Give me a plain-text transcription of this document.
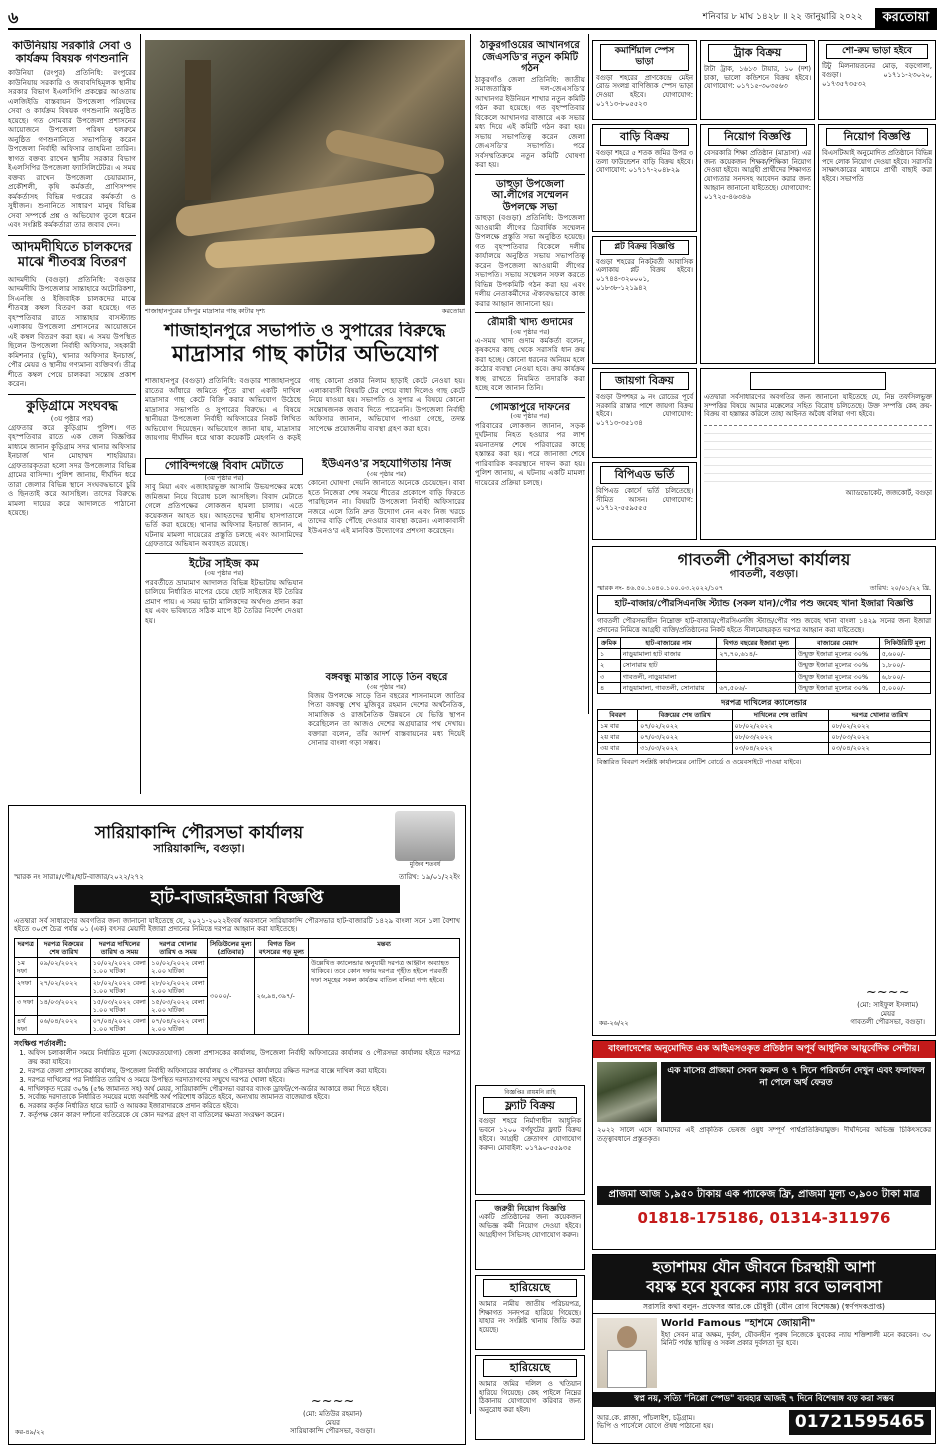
৬	শনিবার ৮ মাঘ ১৪২৮ ॥ ২২ জানুয়ারি ২০২২	করতোয়া
কাউনিয়ায় সরকারি সেবা ও কার্যক্রম বিষয়ক গণশুনানি

কাউনিয়া (রংপুর) প্রতিনিধি: রংপুরের কাউনিয়ায় সরকারি ও জবাবদিহিমূলক স্থানীয় সরকার বিভাগ ইএলসিপি প্রকল্পের আওতায় এলজিইডি বাস্তবায়ন উপজেলা পরিষদের সেবা ও কার্যক্রম বিষয়ক গণশুনানি অনুষ্ঠিত হয়েছে। গত সোমবার উপজেলা প্রশাসনের আয়োজনে উপজেলা পরিষদ হলরুমে অনুষ্ঠিত গণশুনানিতে সভাপতিত্ব করেন উপজেলা নির্বাহী অফিসার তাহমিনা তারিন। স্বাগত বক্তব্য রাখেন স্থানীয় সরকার বিভাগ ইএলসিপির উপজেলা ফ্যাসিলিটেটর। এ সময় বক্তব্য রাখেন উপজেলা চেয়ারম্যান, প্রকৌশলী, কৃষি কর্মকর্তা, প্রাণিসম্পদ কর্মকর্তাসহ বিভিন্ন দপ্তরের কর্মকর্তা ও সুধীজন। শুনানিতে সাধারণ মানুষ বিভিন্ন সেবা সম্পর্কে প্রশ্ন ও অভিযোগ তুলে ধরেন এবং সংশ্লিষ্ট কর্মকর্তারা তার জবাব দেন।

আদমদীঘিতে চালকদের মাঝে শীতবস্ত্র বিতরণ

আদমদীঘি (বগুড়া) প্রতিনিধি: বগুড়ার আদমদীঘি উপজেলার সান্তাহারে অটোরিকশা, সিএনজি ও ইজিবাইক চালকদের মাঝে শীতবস্ত্র কম্বল বিতরণ করা হয়েছে। গত বৃহস্পতিবার রাতে সান্তাহার বাসস্ট্যান্ড এলাকায় উপজেলা প্রশাসনের আয়োজনে এই কম্বল বিতরণ করা হয়। এ সময় উপস্থিত ছিলেন উপজেলা নির্বাহী অফিসার, সহকারী কমিশনার (ভূমি), থানার অফিসার ইনচার্জ, পৌর মেয়র ও স্থানীয় গণ্যমান্য ব্যক্তিবর্গ। তীব্র শীতে কম্বল পেয়ে চালকরা সন্তোষ প্রকাশ করেন।

কুড়িগ্রামে সংঘবদ্ধ
(৩য় পৃষ্ঠার পর)

গ্রেফতার করে কুড়িগ্রাম পুলিশ। গত বৃহস্পতিবার রাতে এক জেল বিজ্ঞপ্তির মাধ্যমে জানান কুড়িগ্রাম সদর থানার অফিসার ইনচার্জ খান মোহাম্মদ শাহরিয়ার। গ্রেফতারকৃতরা হলো সদর উপজেলার বিভিন্ন গ্রামের বাসিন্দা। পুলিশ জানায়, দীর্ঘদিন ধরে তারা জেলার বিভিন্ন স্থানে সংঘবদ্ধভাবে চুরি ও ছিনতাই করে আসছিল। তাদের বিরুদ্ধে মামলা দায়ের করে আদালতে পাঠানো হয়েছে।

শাজাহানপুরের চাঁদপুর মাদ্রাসার গাছ কাটার দৃশ্য	করতোয়া
শাজাহানপুরে সভাপতি ও সুপারের বিরুদ্ধে
মাদ্রাসার গাছ কাটার অভিযোগ

শাজাহানপুর (বগুড়া) প্রতিনিধি: বগুড়ার শাজাহানপুরে রাতের আঁধারে জমিতে পুঁতে রাখা একটি দাখিল মাদ্রাসার গাছ কেটে বিক্রি করার অভিযোগ উঠেছে মাদ্রাসার সভাপতি ও সুপারের বিরুদ্ধে। এ বিষয়ে স্থানীয়রা উপজেলা নির্বাহী অফিসারের নিকট লিখিত অভিযোগ দিয়েছেন। অভিযোগে জানা যায়, মাদ্রাসার জায়গায় দীর্ঘদিন ধরে থাকা কয়েকটি মেহগনি ও কড়ই গাছ কোনো প্রকার নিলাম ছাড়াই কেটে নেওয়া হয়। এলাকাবাসী বিষয়টি টের পেয়ে বাধা দিলেও গাছ কেটে নিয়ে যাওয়া হয়। সভাপতি ও সুপার এ বিষয়ে কোনো সন্তোষজনক জবাব দিতে পারেননি। উপজেলা নির্বাহী অফিসার জানান, অভিযোগ পাওয়া গেছে, তদন্ত সাপেক্ষে প্রয়োজনীয় ব্যবস্থা গ্রহণ করা হবে।

গোবিন্দগঞ্জে বিবাদ মেটাতে
(৩য় পৃষ্ঠার পর)

সাবু মিয়া এবং এজাহারভুক্ত আসামি উভয়পক্ষের মধ্যে জমিজমা নিয়ে বিরোধ চলে আসছিল। বিবাদ মেটাতে গেলে প্রতিপক্ষের লোকজন হামলা চালায়। এতে কয়েকজন আহত হয়। আহতদের স্থানীয় হাসপাতালে ভর্তি করা হয়েছে। থানার অফিসার ইনচার্জ জানান, এ ঘটনায় মামলা দায়েরের প্রস্তুতি চলছে এবং আসামিদের গ্রেফতারে অভিযান অব্যাহত রয়েছে।

ইটের সাইজ কম
(৩য় পৃষ্ঠার পর)

পরবর্তীতে ভ্রাম্যমাণ আদালত বিভিন্ন ইটভাটায় অভিযান চালিয়ে নির্ধারিত মাপের চেয়ে ছোট সাইজের ইট তৈরির প্রমাণ পায়। এ সময় ভাটা মালিকদের অর্থদণ্ড প্রদান করা হয় এবং ভবিষ্যতে সঠিক মাপে ইট তৈরির নির্দেশ দেওয়া হয়।

ইউএনও'র সহযোগিতায় নিজ
(৩য় পৃষ্ঠার পর)

কোনো ঘোষণা দেয়নি জানাতে অনেকে চেয়েছেন। বাবা হতে নিজেরা শেষ সময়ে শীতের প্রকোপে বাড়ি ফিরতে পারছিলেন না। বিষয়টি উপজেলা নির্বাহী অফিসারের নজরে এলে তিনি দ্রুত উদ্যোগ নেন এবং নিজ খরচে তাদের বাড়ি পৌঁছে দেওয়ার ব্যবস্থা করেন। এলাকাবাসী ইউএনও'র এই মানবিক উদ্যোগের প্রশংসা করেছেন।

বঙ্গবন্ধু মাস্তার সাড়ে তিন বছরে
(৩য় পৃষ্ঠার পর)

বিজয় উপলক্ষে সাড়ে তিন বছরের শাসনামলে জাতির পিতা বঙ্গবন্ধু শেখ মুজিবুর রহমান দেশের অর্থনৈতিক, সামাজিক ও রাজনৈতিক উন্নয়নে যে ভিত্তি স্থাপন করেছিলেন তা আজও দেশের অগ্রযাত্রার পথ দেখায়। বক্তারা বলেন, তাঁর আদর্শ বাস্তবায়নের মধ্য দিয়েই সোনার বাংলা গড়া সম্ভব।

ঠাকুরগাঁওয়ের আখানগরে জেএসডি'র নতুন কমিটি গঠন

ঠাকুরগাঁও জেলা প্রতিনিধি: জাতীয় সমাজতান্ত্রিক দল-জেএসডি'র আখানগর ইউনিয়ন শাখার নতুন কমিটি গঠন করা হয়েছে। গত বৃহস্পতিবার বিকেলে আখানগর বাজারে এক সভার মধ্য দিয়ে এই কমিটি গঠন করা হয়। সভায় সভাপতিত্ব করেন জেলা জেএসডি'র সভাপতি। পরে সর্বসম্মতিক্রমে নতুন কমিটি ঘোষণা করা হয়।

ডাহুড়া উপজেলা আ.লীগের সম্মেলন উপলক্ষে সভা

ডাহুড়া (বগুড়া) প্রতিনিধি: উপজেলা আওয়ামী লীগের ত্রিবার্ষিক সম্মেলন উপলক্ষে প্রস্তুতি সভা অনুষ্ঠিত হয়েছে। গত বৃহস্পতিবার বিকেলে দলীয় কার্যালয়ে অনুষ্ঠিত সভায় সভাপতিত্ব করেন উপজেলা আওয়ামী লীগের সভাপতি। সভায় সম্মেলন সফল করতে বিভিন্ন উপকমিটি গঠন করা হয় এবং দলীয় নেতাকর্মীদের ঐক্যবদ্ধভাবে কাজ করার আহ্বান জানানো হয়।

রৌমারী খাদ্য গুদামের
(৩য় পৃষ্ঠার পর)

এ-সময় খাদ্য গুদাম কর্মকর্তা বলেন, কৃষকদের কাছ থেকে সরাসরি ধান ক্রয় করা হচ্ছে। কোনো ধরনের অনিয়ম হলে কঠোর ব্যবস্থা নেওয়া হবে। ক্রয় কার্যক্রম স্বচ্ছ রাখতে নিয়মিত তদারকি করা হচ্ছে বলে জানান তিনি।

গোমস্তাপুরে দাফনের
(৩য় পৃষ্ঠার পর)

পরিবারের লোকজন জানান, সড়ক দুর্ঘটনায় নিহত হওয়ার পর লাশ ময়নাতদন্ত শেষে পরিবারের কাছে হস্তান্তর করা হয়। পরে জানাজা শেষে পারিবারিক কবরস্থানে দাফন করা হয়। পুলিশ জানায়, এ ঘটনায় একটি মামলা দায়েরের প্রক্রিয়া চলছে।

বিজ্ঞপ্তিঃ রায়মনি রাহি
ফ্ল্যাট বিক্রয়

বগুড়া শহরে নির্মাণাধীন আধুনিক ভবনে ১২০০ বর্গফুটের ফ্ল্যাট বিক্রয় হইবে। আগ্রহী ক্রেতাগণ যোগাযোগ করুন। মোবাইল: ০১৭৯০-৫৫৯৩৫

জরুরী নিয়োগ বিজ্ঞপ্তি

একটি প্রতিষ্ঠানের জন্য কয়েকজন অভিজ্ঞ কর্মী নিয়োগ দেওয়া হইবে। আগ্রহীগণ সিভিসহ যোগাযোগ করুন।

হারিয়েছে

আমার নামীয় জাতীয় পরিচয়পত্র, শিক্ষাগত সনদপত্র হারিয়ে গিয়েছে। যাহার নং সংশ্লিষ্ট থানায় জিডি করা হয়েছে।

হারিয়েছে

আমার জমির দলিল ও খতিয়ান হারিয়ে গিয়েছে। কেহ পাইলে নিম্নের ঠিকানায় যোগাযোগ করিবার জন্য অনুরোধ করা হইল।

কমার্শিয়াল স্পেস ভাড়া

বগুড়া শহরের প্রাণকেন্দ্রে মেইন রোড সংলগ্ন বাণিজ্যিক স্পেস ভাড়া দেওয়া হইবে। যোগাযোগ: ০১৭১৩-৮০৫৫২৩

ট্রাক বিক্রয়

টাটা ট্রাক, ১৬১৩ টায়ার, ১০ (দশ) চাকা, ভালো কন্ডিশনে বিক্রয় হইবে। যোগাযোগ: ০১৭১৫-৩০৩৫৬৩

শো-রুম ভাড়া হইবে

টিটু মিলনায়তনের মোড়, বড়গোলা, বগুড়া। ০১৭১১-২৩০২০, ০১৭৩৫৭৩৫৩২

বাড়ি বিক্রয়

বগুড়া শহরে ৫ শতক জমির উপর ৩ তলা ফাউন্ডেশন বাড়ি বিক্রয় হইবে। যোগাযোগ: ০১৭১৭-২০৪৮২৯

নিয়োগ বিজ্ঞপ্তি

বেসরকারি শিক্ষা প্রতিষ্ঠান (মাদ্রাসা) এর জন্য কয়েকজন শিক্ষক/শিক্ষিকা নিয়োগ দেওয়া হইবে। আগ্রহী প্রার্থীদের শিক্ষাগত যোগ্যতার সনদসহ আবেদন করার জন্য আহ্বান জানানো যাইতেছে। যোগাযোগ: ০১৭২৫-৪৬৩৪৬

নিয়োগ বিজ্ঞপ্তি

বিএসটিআই অনুমোদিত প্রতিষ্ঠানে বিভিন্ন পদে লোক নিয়োগ দেওয়া হইবে। সরাসরি সাক্ষাৎকারের মাধ্যমে প্রার্থী বাছাই করা হইবে। সভাপতি

প্লট বিক্রয় বিজ্ঞপ্তি

বগুড়া শহরের নিকটবর্তী আবাসিক এলাকায় প্লট বিক্রয় হইবে। ০১৭৪৪-৩২০০০১, ০১৮৩৮-১২১৯৪২

জায়গা বিক্রয়

বগুড়া উপশহর ৯ নং রোডের পূর্বে সরকারি রাস্তার পাশে জায়গা বিক্রয় হইবে। যোগাযোগ: ০১৭১৩-৩৫১৩৪

বিপিএড ভর্তি

বিপিএড কোর্সে ভর্তি চলিতেছে। সীমিত আসন। যোগাযোগ: ০১৭১২-৫৫৯৫৫৫

লিগ্যাল নোটিশ

এতদ্বারা সর্বসাধারণের অবগতির জন্য জানানো যাইতেছে যে, নিম্ন তফসিলভুক্ত সম্পত্তির বিষয়ে আমার মক্কেলের সহিত বিরোধ চলিতেছে। উক্ত সম্পত্তি কেহ ক্রয়-বিক্রয় বা হস্তান্তর করিলে তাহা আইনত অবৈধ বলিয়া গণ্য হইবে।

অ্যাডভোকেট, জজকোর্ট, বগুড়া

গাবতলী পৌরসভা কার্যালয়
গাবতলী, বগুড়া।
স্মারক নং- ৪৬.৫০.১০৪০.১০০.০৩.২০২২/১০৭	তারিখ: ২০/০১/২২ খ্রি.
হাট-বাজার/পৌরসিএনজি স্ট্যান্ড (সকল যান)/পৌর পশু জবেহ খানা ইজারা বিজ্ঞপ্তি

গাবতলী পৌরসভাধীন নিম্নোক্ত হাট-বাজার/পৌরসিএনজি স্ট্যান্ড/পৌর পশু জবেহ খানা বাংলা ১৪২৯ সনের জন্য ইজারা প্রদানের নিমিত্তে আগ্রহী ব্যক্তি/প্রতিষ্ঠানের নিকট হইতে সীলমোহরকৃত দরপত্র আহ্বান করা যাইতেছে।

ক্রমিক	হাট-বাজারের নাম	বিগত বছরের ইজারা মূল্য	বাজারের মেয়াদ	সিকিউরিটি মূল্য
১	নাড়ুয়ামালা হাট বাজার	২৭,৭০,৬১৪/-	উন্মুক্ত ইজারা মূল্যের ৩০%	৫,৬০০/-
২	সোনারায় হাট		উন্মুক্ত ইজারা মূল্যের ৩০%	১,৮০০/-
৩	গাবতলী, নাড়ুয়ামালা		উন্মুক্ত ইজারা মূল্যের ৩০%	৬,৮০০/-
৪	নাড়ুয়ামালা, গাবতলী, সোনারায়	৬৭,৫০৬/-	উন্মুক্ত ইজারা মূল্যের ৩০%	৫,০০০/-
দরপত্র দাখিলের ক্যালেন্ডার
বিবরণ	বিক্রয়ের শেষ তারিখ	দাখিলের শেষ তারিখ	দরপত্র খোলার তারিখ
১ম বার	০৭/০২/২০২২	০৮/০২/২০২২	০৮/০২/২০২২
২য় বার	০৭/০৩/২০২২	০৮/০৩/২০২২	০৮/০৩/২০২২
৩য় বার	৩১/০৩/২০২২	০৩/০৪/২০২২	০৩/০৪/২০২২

বিস্তারিত বিবরণ সংশ্লিষ্ট কার্যালয়ের নোটিশ বোর্ডে ও ওয়েবসাইটে পাওয়া যাইবে।

~~~~
(মো: সাইফুল ইসলাম)
মেয়র
গাবতলী পৌরসভা, বগুড়া।
কর-২৬/২২
বাংলাদেশের অনুমোদিত এক আইএসওকৃত প্রতিষ্ঠান অপূর্ব আধুনিক আয়ুর্বেদিক সেন্টার।
এক মাসের প্রাজমা সেবন করুন ও ৭ দিনে পরিবর্তন দেখুন এবং ফলাফল না পেলে অর্থ ফেরত

২০২২ সালে এসে আমাদের এই প্রাকৃতিক ভেষজ ওষুধ সম্পূর্ণ পার্শ্বপ্রতিক্রিয়ামুক্ত। দীর্ঘদিনের অভিজ্ঞ চিকিৎসকের তত্ত্বাবধানে প্রস্তুতকৃত।

প্রাজমা আজ ১,৯৫০ টাকায় এক প্যাকেজ ফ্রি, প্রাজমা মূল্য ৩,৯০০ টাকা মাত্র
01818-175186, 01314-311976
হতাশাময় যৌন জীবনে চিরস্থায়ী আশা
বয়স্ক হবে যুবকের ন্যায় রবে ভালবাসা
সরাসরি কথা বলুন- প্রফেসর আর.কে চৌধুরী (যৌন রোগ বিশেষজ্ঞ) (স্বর্ণপদকপ্রাপ্ত)
World Famous "হাশমে জোয়ানী"

ইহা সেবন মাত্র অক্ষম, দুর্বল, যৌবনহীন পুরুষ নিজেকে যুবকের ন্যায় শক্তিশালী মনে করবেন। ৩০ মিনিট পর্যন্ত স্থায়িত্ব ও সকল প্রকার দুর্বলতা দূর হবে।

স্বপ্ন নয়, সত্যি "নিপ্পো স্পেড" ব্যবহার আজই ৭ দিনে বিশেষাঙ্গ বড় করা সম্ভব
আর.কে. প্লাজা, পাঁচলাইশ, চট্টগ্রাম।
ভিপি ও পার্সেলে যোগে ঔষধ পাঠানো হয়।	01721595465
সারিয়াকান্দি পৌরসভা কার্যালয়
সারিয়াকান্দি, বগুড়া।
মুজিব শতবর্ষ
স্মারক নং সারাঃ/পৌঃ/হাট-বাজার/২০২২/২৭২	তারিখ: ১৯/০১/২২ইং
হাট-বাজারইজারা বিজ্ঞপ্তি

এতদ্বারা সর্ব সাধারণের অবগতির জন্য জানানো যাইতেছে যে, ২০২১-২০২২ইংবর্ষ অবসানে সারিয়াকান্দি পৌরসভার হাট-বাজারটি ১৪২৯ বাংলা সনে ১লা বৈশাখ হইতে ৩০শে চৈত্র পর্যন্ত ০১ (এক) বৎসর মেয়াদী ইজারা প্রদানের নিমিত্তে দরপত্র আহ্বান করা যাইতেছে।

দরপত্র	দরপত্র বিক্রয়ের শেষ তারিখ	দরপত্র দাখিলের তারিখ ও সময়	দরপত্র খোলার তারিখ ও সময়	সিডিউলের মূল্য (প্রতিবার)	বিগত তিন বৎসরের গড় মূল্য	মন্তব্য
১ম দফা	০৯/০২/২০২২	১০/০২/২০২২ বেলা ১.০০ ঘটিকা	১০/০২/২০২২ বেলা ২.০০ ঘটিকা	৩০০০/-	২৬,৯৪,৩৯৭/-	উল্লেখিত ক্যালেন্ডার অনুযায়ী দরপত্র আহ্বান অব্যাহত থাকিবে। তবে কোন দফায় দরপত্র গৃহীত হইলে পরবর্তী দফা সমূহের সকল কার্যক্রম বাতিল বলিয়া গণ্য হইবে।
২দফা	২৭/০২/২০২২	২৮/০২/২০২২ বেলা ১.০০ ঘটিকা	২৮/০২/২০২২ বেলা ২.০০ ঘটিকা			
৩ দফা	১৪/০৩/২০২২	১৫/০৩/২০২২ বেলা ১.০০ ঘটিকা	১৫/০৩/২০২২ বেলা ২.০০ ঘটিকা			
৪র্থ দফা	০৬/০৪/২০২২	০৭/০৪/২০২২ বেলা ১.০০ ঘটিকা	০৭/০৪/২০২২ বেলা ২.০০ ঘটিকা			
সংক্ষিপ্ত শর্তাবলী:
1. অফিস চলাকালীন সময়ে নির্ধারিত মূল্যে (অফেরতযোগ্য) জেলা প্রশাসকের কার্যালয়, উপজেলা নির্বাহী অফিসারের কার্যালয় ও পৌরসভা কার্যালয় হইতে দরপত্র ক্রয় করা যাইবে।
2. দরপত্র জেলা প্রশাসকের কার্যালয়, উপজেলা নির্বাহী অফিসারের কার্যালয় ও পৌরসভা কার্যালয়ে রক্ষিত দরপত্র বাক্সে দাখিল করা যাইবে।
3. দরপত্র দাখিলের পর নির্ধারিত তারিখ ও সময়ে উপস্থিত দরদাতাগণের সম্মুখে দরপত্র খোলা হইবে।
4. দাখিলকৃত দরের ৩০% (৫% জামানত সহ) অর্থ মেয়র, সারিয়াকান্দি পৌরসভা বরাবর ব্যাংক ড্রাফট/পে-অর্ডার আকারে জমা দিতে হইবে।
5. সর্বোচ্চ দরদাতাকে নির্ধারিত সময়ের মধ্যে অবশিষ্ট অর্থ পরিশোধ করিতে হইবে, অন্যথায় জামানত বাজেয়াপ্ত হইবে।
6. সরকার কর্তৃক নির্ধারিত হারে ভ্যাট ও আয়কর ইজারাদারকে প্রদান করিতে হইবে।
7. কর্তৃপক্ষ কোন কারণ দর্শানো ব্যতিরেকে যে কোন দরপত্র গ্রহণ বা বাতিলের ক্ষমতা সংরক্ষণ করেন।
~~~~
(মো: মতিউর রহমান)
মেয়র
সারিয়াকান্দি পৌরসভা, বগুড়া।
কর-৪৯/২২
